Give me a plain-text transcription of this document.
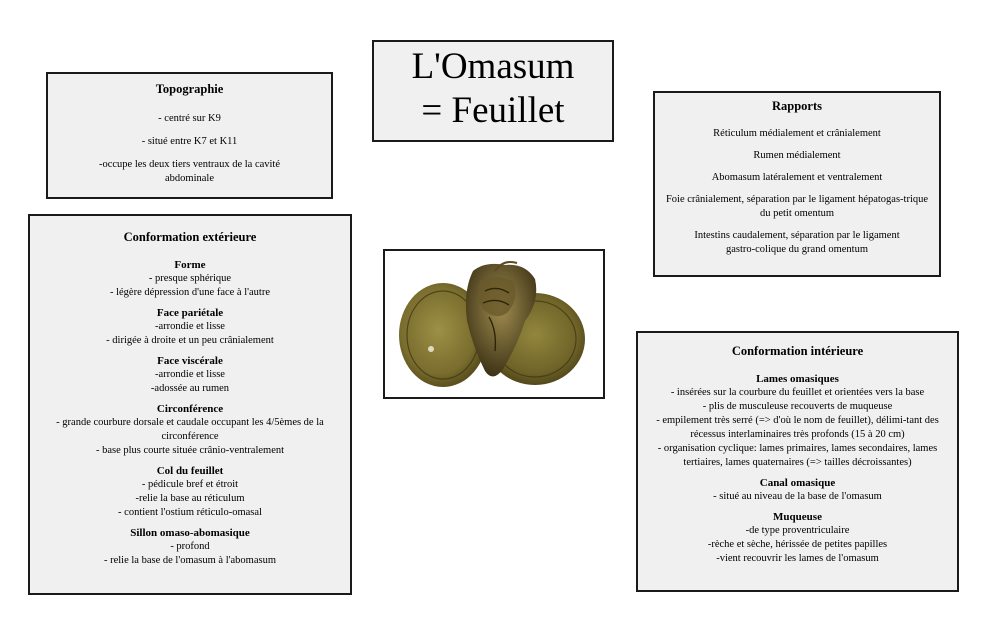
L'Omasum
= Feuillet
Topographie

- centré sur K9

- situé entre K7 et K11

-occupe les deux tiers ventraux de la cavité abdominale

Rapports

Réticulum médialement et crânialement

Rumen médialement

Abomasum latéralement et ventralement

Foie crânialement, séparation par le ligament hépatogas-trique du petit omentum

Intestins caudalement, séparation par le ligament gastro-colique du grand omentum

Conformation extérieure

Forme

- presque sphérique

- légère dépression d'une face à l'autre

Face pariétale

-arrondie et lisse

- dirigée à droite et un peu crânialement

Face viscérale

-arrondie et lisse

-adossée au rumen

Circonférence

- grande courbure dorsale et caudale occupant les 4/5èmes de la circonférence

- base plus courte située crânio-ventralement

Col du feuillet

- pédicule bref et étroit

-relie la base au réticulum

- contient l'ostium réticulo-omasal

Sillon omaso-abomasique

- profond

- relie la base de l'omasum à l'abomasum

Conformation intérieure

Lames omasiques

- insérées sur la courbure du feuillet et orientées vers la base

- plis de musculeuse recouverts de muqueuse

- empilement très serré (=> d'où le nom de feuillet), délimi-tant des récessus interlaminaires très profonds (15 à 20 cm)

- organisation cyclique: lames primaires, lames secondaires, lames tertiaires, lames quaternaires (=> tailles décroissantes)

Canal omasique

- situé au niveau de la base de l'omasum

Muqueuse

-de type proventriculaire

-rèche et sèche, hérissée de petites papilles

-vient recouvrir les lames de l'omasum
